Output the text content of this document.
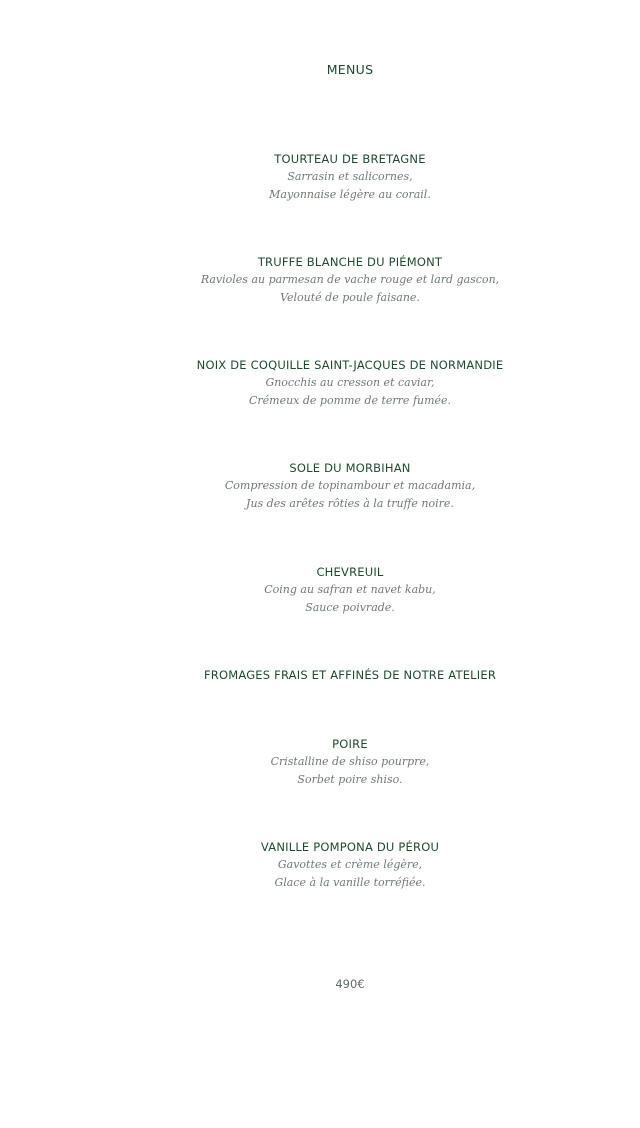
MENUS
TOURTEAU DE BRETAGNE
Sarrasin et salicornes,
Mayonnaise légère au corail.
TRUFFE BLANCHE DU PIÉMONT
Ravioles au parmesan de vache rouge et lard gascon,
Velouté de poule faisane.
NOIX DE COQUILLE SAINT-JACQUES DE NORMANDIE
Gnocchis au cresson et caviar,
Crémeux de pomme de terre fumée.
SOLE DU MORBIHAN
Compression de topinambour et macadamia,
Jus des arêtes rôties à la truffe noire.
CHEVREUIL
Coing au safran et navet kabu,
Sauce poivrade.
FROMAGES FRAIS ET AFFINÉS DE NOTRE ATELIER
POIRE
Cristalline de shiso pourpre,
Sorbet poire shiso.
VANILLE POMPONA DU PÉROU
Gavottes et crème légère,
Glace à la vanille torréfiée.
490€
